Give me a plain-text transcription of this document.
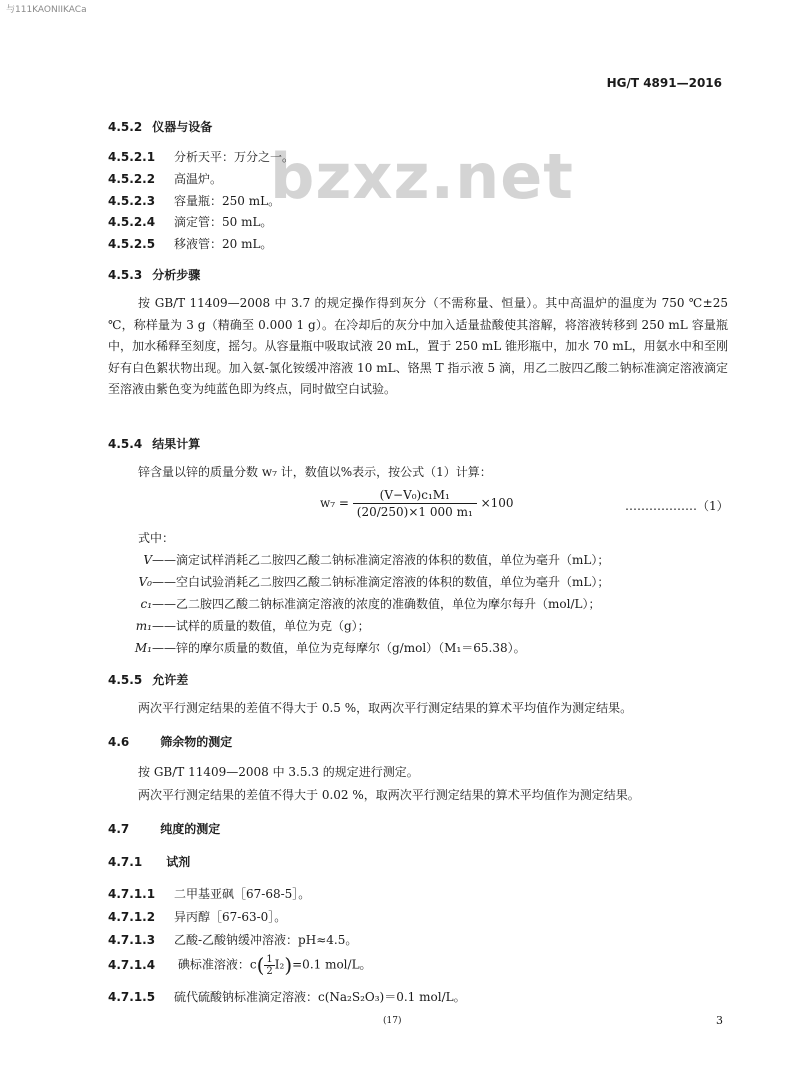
与111KAONIIKACa
HG/T 4891—2016
bzxz.net
4.5.2 仪器与设备
4.5.2.1 分析天平：万分之一。
4.5.2.2 高温炉。
4.5.2.3 容量瓶：250 mL。
4.5.2.4 滴定管：50 mL。
4.5.2.5 移液管：20 mL。
4.5.3 分析步骤
按 GB/T 11409—2008 中 3.7 的规定操作得到灰分（不需称量、恒量）。其中高温炉的温度为 750 ℃±25 ℃，称样量为 3 g（精确至 0.000 1 g）。在冷却后的灰分中加入适量盐酸使其溶解，将溶液转移到 250 mL 容量瓶中，加水稀释至刻度，摇匀。从容量瓶中吸取试液 20 mL，置于 250 mL 锥形瓶中，加水 70 mL，用氨水中和至刚好有白色絮状物出现。加入氨-氯化铵缓冲溶液 10 mL、铬黑 T 指示液 5 滴，用乙二胺四乙酸二钠标准滴定溶液滴定至溶液由紫色变为纯蓝色即为终点，同时做空白试验。
4.5.4 结果计算
锌含量以锌的质量分数 w₇ 计，数值以%表示，按公式（1）计算：
$w_7 = \frac{\text{(V−V₀)c₁M₁}}{\text{(20/250)×1 000 m₁}} \times 100$	………………（1）
式中：
V——滴定试样消耗乙二胺四乙酸二钠标准滴定溶液的体积的数值，单位为毫升（mL）；
V₀——空白试验消耗乙二胺四乙酸二钠标准滴定溶液的体积的数值，单位为毫升（mL）；
c₁——乙二胺四乙酸二钠标准滴定溶液的浓度的准确数值，单位为摩尔每升（mol/L）；
m₁——试样的质量的数值，单位为克（g）；
M₁——锌的摩尔质量的数值，单位为克每摩尔（g/mol）（M₁＝65.38）。
4.5.5 允许差
两次平行测定结果的差值不得大于 0.5 %，取两次平行测定结果的算术平均值作为测定结果。
4.6	筛余物的测定
按 GB/T 11409—2008 中 3.5.3 的规定进行测定。
两次平行测定结果的差值不得大于 0.02 %，取两次平行测定结果的算术平均值作为测定结果。
4.7	纯度的测定
4.7.1 试剂
4.7.1.1 二甲基亚砜［67-68-5］。
4.7.1.2 异丙醇［67-63-0］。
4.7.1.3 乙酸-乙酸钠缓冲溶液：pH≈4.5。
4.7.1.4 碘标准溶液：$c( \frac{1}{2} I_2)=0.1$ mol/L。
4.7.1.5 硫代硫酸钠标准滴定溶液：c(Na₂S₂O₃)＝0.1 mol/L。
(17)	3
